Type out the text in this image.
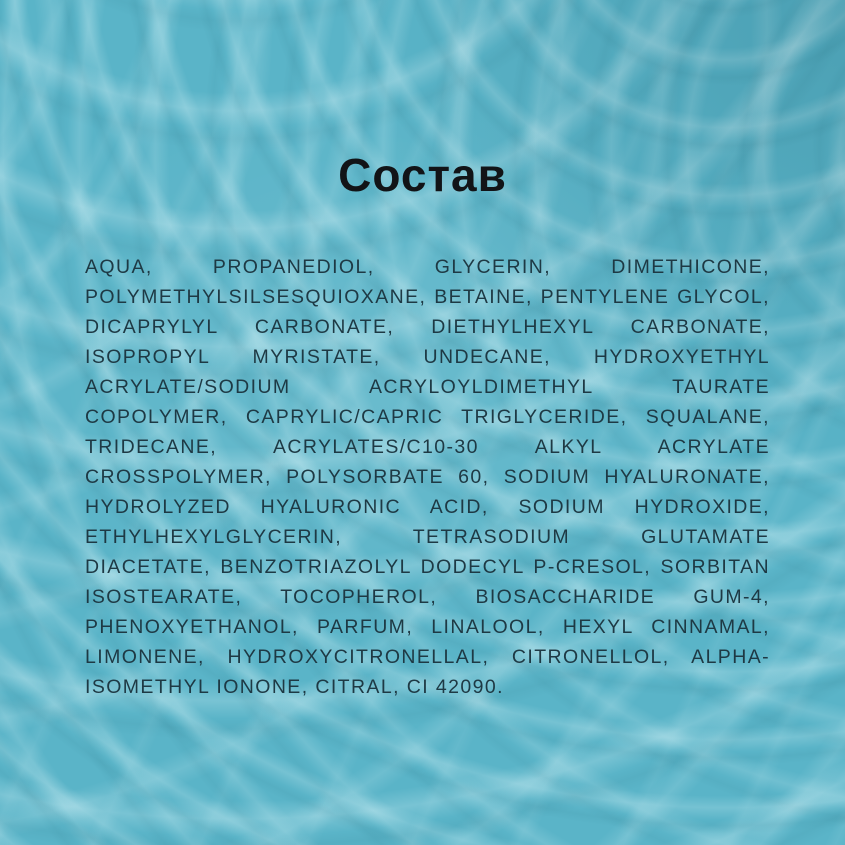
Состав
AQUA, PROPANEDIOL, GLYCERIN, DIMETHICONE,
POLYMETHYLSILSESQUIOXANE, BETAINE, PENTYLENE GLYCOL,
DICAPRYLYL CARBONATE, DIETHYLHEXYL CARBONATE,
ISOPROPYL MYRISTATE, UNDECANE, HYDROXYETHYL
ACRYLATE/SODIUM ACRYLOYLDIMETHYL TAURATE
COPOLYMER, CAPRYLIC/CAPRIC TRIGLYCERIDE, SQUALANE,
TRIDECANE, ACRYLATES/C10-30 ALKYL ACRYLATE
CROSSPOLYMER, POLYSORBATE 60, SODIUM HYALURONATE,
HYDROLYZED HYALURONIC ACID, SODIUM HYDROXIDE,
ETHYLHEXYLGLYCERIN, TETRASODIUM GLUTAMATE
DIACETATE, BENZOTRIAZOLYL DODECYL P-CRESOL, SORBITAN
ISOSTEARATE, TOCOPHEROL, BIOSACCHARIDE GUM-4,
PHENOXYETHANOL, PARFUM, LINALOOL, HEXYL CINNAMAL,
LIMONENE, HYDROXYCITRONELLAL, CITRONELLOL, ALPHA-
ISOMETHYL IONONE, CITRAL, CI 42090.
